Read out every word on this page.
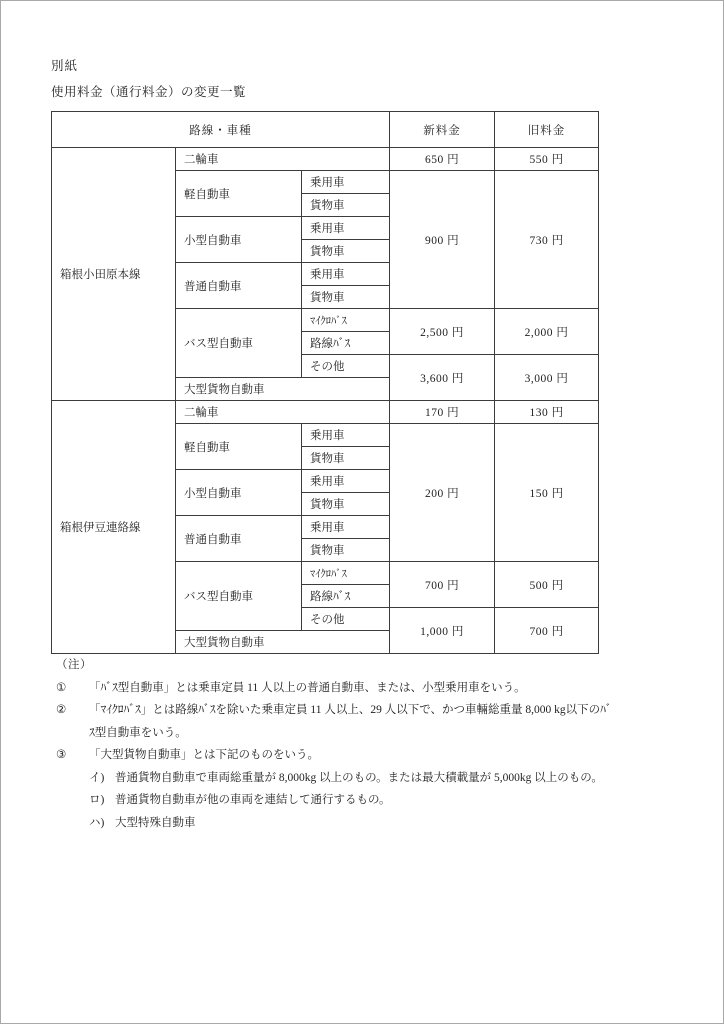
別紙
使用料金（通行料金）の変更一覧
路線・車種			新料金	旧料金
箱根小田原本線	二輪車		650 円	550 円
	軽自動車	乗用車	900 円	730 円
		貨物車		
	小型自動車	乗用車		
		貨物車		
	普通自動車	乗用車		
		貨物車		
	バス型自動車	ﾏｲｸﾛﾊﾞｽ	2,500 円	2,000 円
		路線ﾊﾞｽ		
		その他	3,600 円	3,000 円
	大型貨物自動車			
箱根伊豆連絡線	二輪車		170 円	130 円
	軽自動車	乗用車	200 円	150 円
		貨物車		
	小型自動車	乗用車		
		貨物車		
	普通自動車	乗用車		
		貨物車		
	バス型自動車	ﾏｲｸﾛﾊﾞｽ	700 円	500 円
		路線ﾊﾞｽ		
		その他	1,000 円	700 円
	大型貨物自動車			
（注）
①	「ﾊﾞｽ型自動車」とは乗車定員 11 人以上の普通自動車、または、小型乗用車をいう。
②	「ﾏｲｸﾛﾊﾞｽ」とは路線ﾊﾞｽを除いた乗車定員 11 人以上、29 人以下で、かつ車輛総重量 8,000 kg以下のﾊﾞ
ｽ型自動車をいう。
③	「大型貨物自動車」とは下記のものをいう。
イ) 普通貨物自動車で車両総重量が 8,000kg 以上のもの。または最大積載量が 5,000kg 以上のもの。
ロ) 普通貨物自動車が他の車両を連結して通行するもの。
ハ) 大型特殊自動車
